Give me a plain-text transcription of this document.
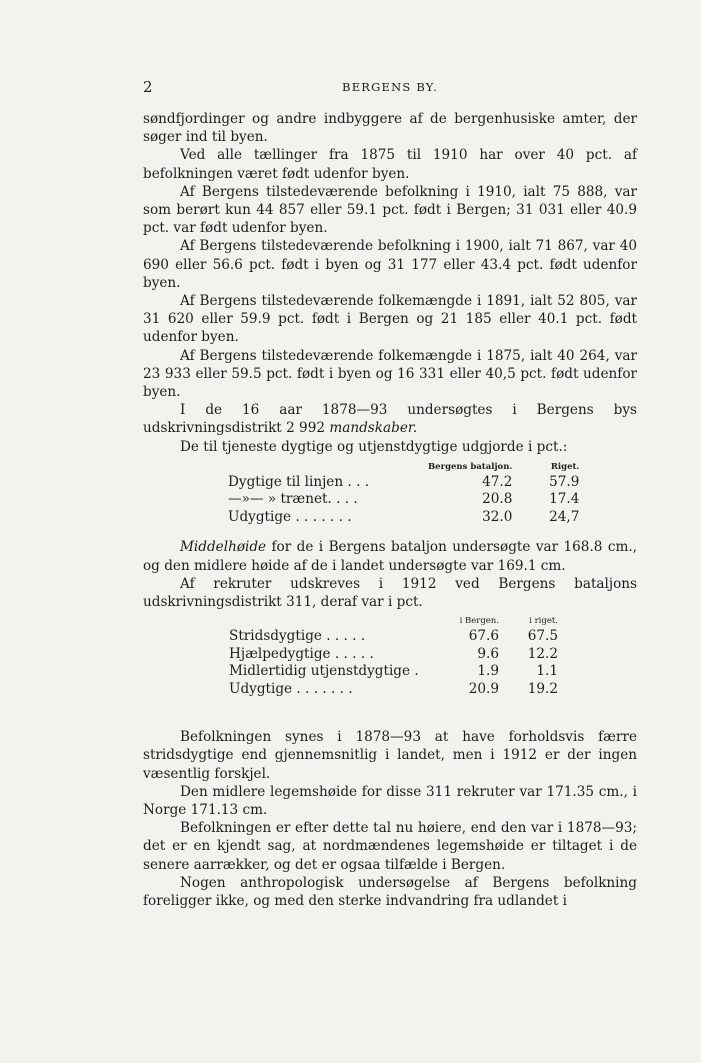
2	BERGENS BY.

søndfjordinger og andre indbyggere af de bergenhusiske amter, der søger ind til byen.

Ved alle tællinger fra 1875 til 1910 har over 40 pct. af befolkningen været født udenfor byen.

Af Bergens tilstedeværende befolkning i 1910, ialt 75 888, var som berørt kun 44 857 eller 59.1 pct. født i Bergen; 31 031 eller 40.9 pct. var født udenfor byen.

Af Bergens tilstedeværende befolkning i 1900, ialt 71 867, var 40 690 eller 56.6 pct. født i byen og 31 177 eller 43.4 pct. født udenfor byen.

Af Bergens tilstedeværende folkemængde i 1891, ialt 52 805, var 31 620 eller 59.9 pct. født i Bergen og 21 185 eller 40.1 pct. født udenfor byen.

Af Bergens tilstedeværende folkemængde i 1875, ialt 40 264, var 23 933 eller 59.5 pct. født i byen og 16 331 eller 40,5 pct. født udenfor byen.

I de 16 aar 1878—93 undersøgtes i Bergens bys udskrivningsdistrikt 2 992 mandskaber.

De til tjeneste dygtige og utjenstdygtige udgjorde i pct.:

	Bergens bataljon.	Riget.
Dygtige til linjen . . .	47.2	57.9
—»— » trænet. . . .	20.8	17.4
Udygtige . . . . . . .	32.0	24,7

Middelhøide for de i Bergens bataljon undersøgte var 168.8 cm., og den midlere høide af de i landet undersøgte var 169.1 cm.

Af rekruter udskreves i 1912 ved Bergens bataljons udskrivningsdistrikt 311, deraf var i pct.

	i Bergen.	i riget.
Stridsdygtige . . . . .	67.6	67.5
Hjælpedygtige . . . . .	9.6	12.2
Midlertidig utjenstdygtige .	1.9	1.1
Udygtige . . . . . . .	20.9	19.2

Befolkningen synes i 1878—93 at have forholdsvis færre stridsdygtige end gjennemsnitlig i landet, men i 1912 er der ingen væsentlig forskjel.

Den midlere legemshøide for disse 311 rekruter var 171.35 cm., i Norge 171.13 cm.

Befolkningen er efter dette tal nu høiere, end den var i 1878—93; det er en kjendt sag, at nordmændenes legemshøide er tiltaget i de senere aarrækker, og det er ogsaa tilfælde i Bergen.

Nogen anthropologisk undersøgelse af Bergens befolkning foreligger ikke, og med den sterke indvandring fra udlandet i
